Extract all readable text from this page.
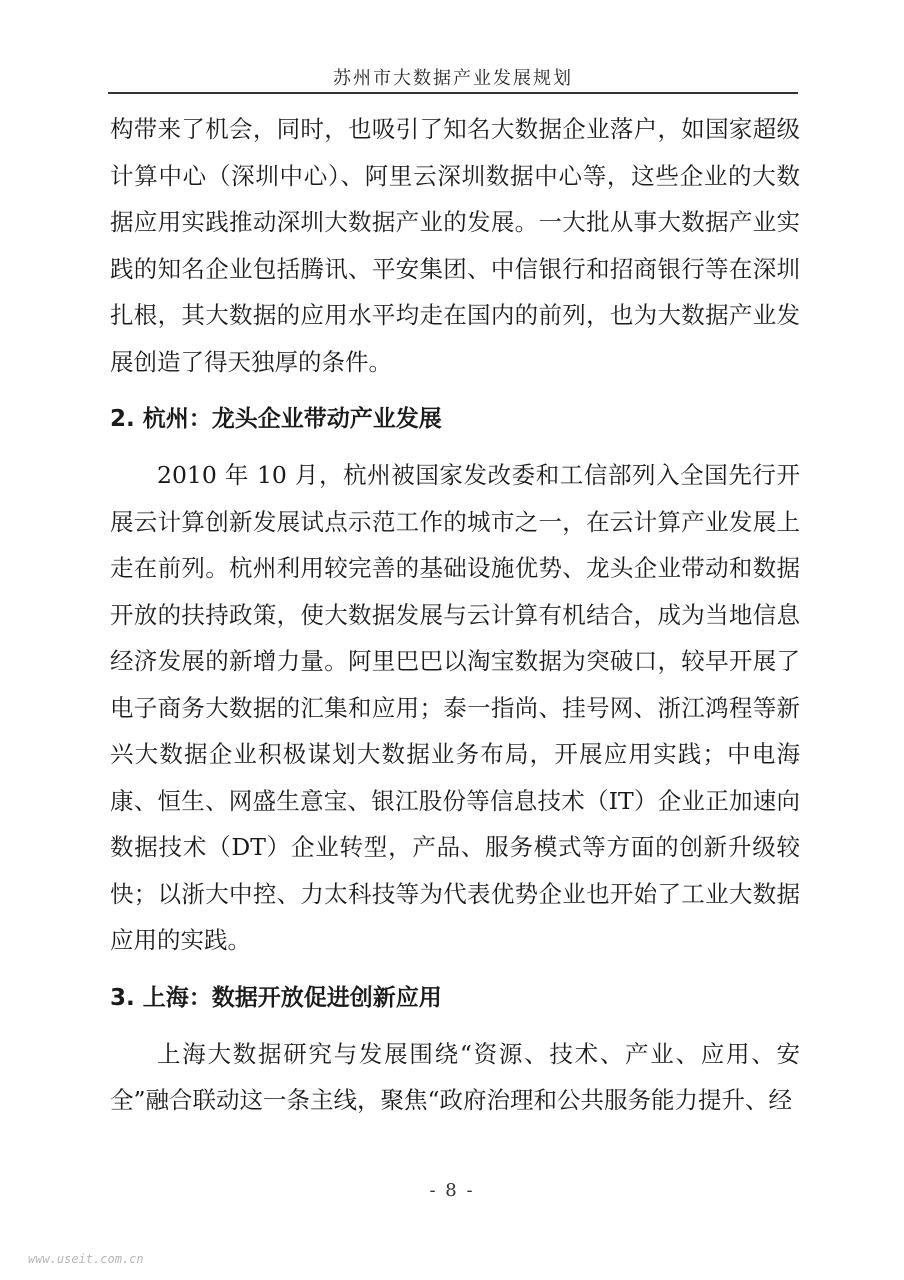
苏州市大数据产业发展规划

构带来了机会，同时，也吸引了知名大数据企业落户，如国家超级计算中心（深圳中心）、阿里云深圳数据中心等，这些企业的大数据应用实践推动深圳大数据产业的发展。一大批从事大数据产业实践的知名企业包括腾讯、平安集团、中信银行和招商银行等在深圳扎根，其大数据的应用水平均走在国内的前列，也为大数据产业发展创造了得天独厚的条件。

2. 杭州：龙头企业带动产业发展

2010 年 10 月，杭州被国家发改委和工信部列入全国先行开展云计算创新发展试点示范工作的城市之一，在云计算产业发展上走在前列。杭州利用较完善的基础设施优势、龙头企业带动和数据开放的扶持政策，使大数据发展与云计算有机结合，成为当地信息经济发展的新增力量。阿里巴巴以淘宝数据为突破口，较早开展了电子商务大数据的汇集和应用；泰一指尚、挂号网、浙江鸿程等新兴大数据企业积极谋划大数据业务布局，开展应用实践；中电海康、恒生、网盛生意宝、银江股份等信息技术（IT）企业正加速向数据技术（DT）企业转型，产品、服务模式等方面的创新升级较快；以浙大中控、力太科技等为代表优势企业也开始了工业大数据应用的实践。

3. 上海：数据开放促进创新应用

上海大数据研究与发展围绕“资源、技术、产业、应用、安全”融合联动这一条主线，聚焦“政府治理和公共服务能力提升、经

- 8 -
www.useit.com.cn
